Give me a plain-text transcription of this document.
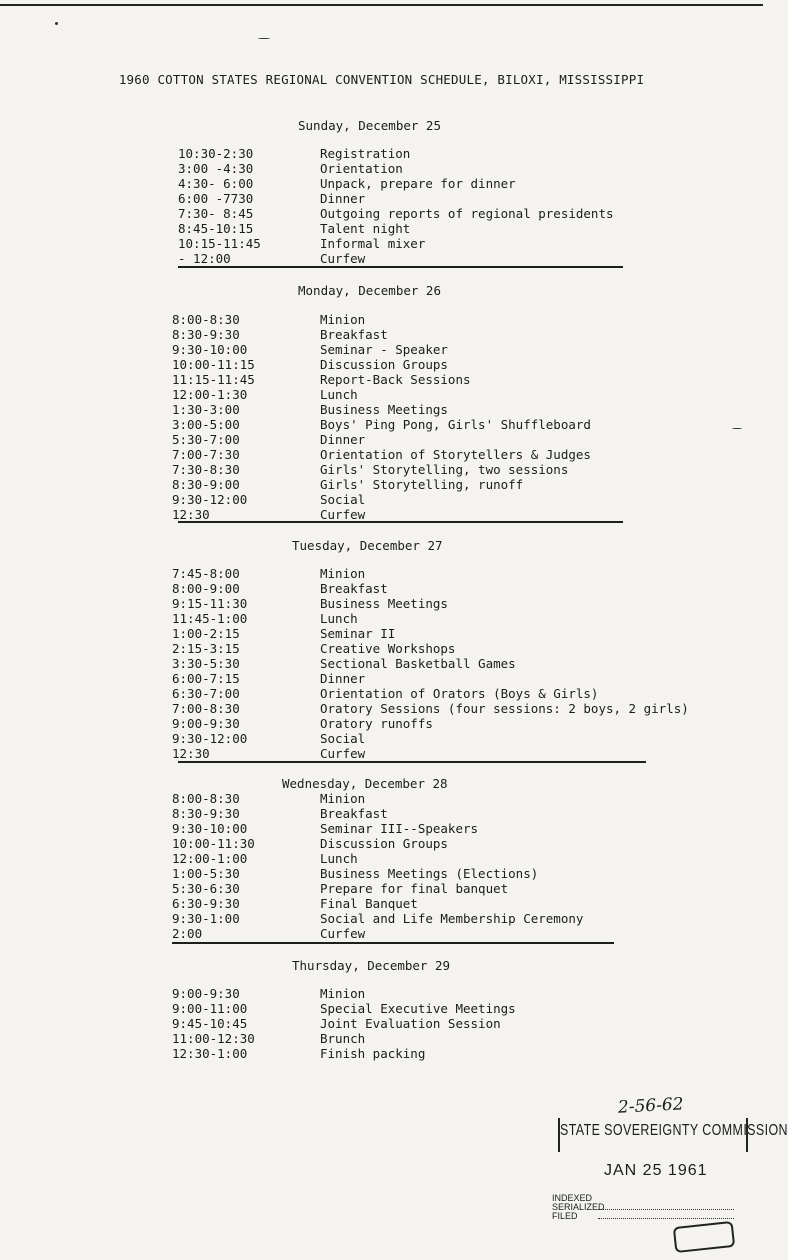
1960 COTTON STATES REGIONAL CONVENTION SCHEDULE, BILOXI, MISSISSIPPI
Sunday, December 25
10:30-2:30	Registration
3:00 -4:30	Orientation
4:30- 6:00	Unpack, prepare for dinner
6:00 -7730	Dinner
7:30- 8:45	Outgoing reports of regional presidents
8:45-10:15	Talent night
10:15-11:45	Informal mixer
- 12:00	Curfew
Monday, December 26
8:00-8:30	Minion
8:30-9:30	Breakfast
9:30-10:00	Seminar - Speaker
10:00-11:15	Discussion Groups
11:15-11:45	Report-Back Sessions
12:00-1:30	Lunch
1:30-3:00	Business Meetings
3:00-5:00	Boys' Ping Pong, Girls' Shuffleboard
5:30-7:00	Dinner
7:00-7:30	Orientation of Storytellers & Judges
7:30-8:30	Girls' Storytelling, two sessions
8:30-9:00	Girls' Storytelling, runoff
9:30-12:00	Social
12:30	Curfew
Tuesday, December 27
7:45-8:00	Minion
8:00-9:00	Breakfast
9:15-11:30	Business Meetings
11:45-1:00	Lunch
1:00-2:15	Seminar II
2:15-3:15	Creative Workshops
3:30-5:30	Sectional Basketball Games
6:00-7:15	Dinner
6:30-7:00	Orientation of Orators (Boys & Girls)
7:00-8:30	Oratory Sessions (four sessions: 2 boys, 2 girls)
9:00-9:30	Oratory runoffs
9:30-12:00	Social
12:30	Curfew
Wednesday, December 28
8:00-8:30	Minion
8:30-9:30	Breakfast
9:30-10:00	Seminar III--Speakers
10:00-11:30	Discussion Groups
12:00-1:00	Lunch
1:00-5:30	Business Meetings (Elections)
5:30-6:30	Prepare for final banquet
6:30-9:30	Final Banquet
9:30-1:00	Social and Life Membership Ceremony
2:00	Curfew
Thursday, December 29
9:00-9:30	Minion
9:00-11:00	Special Executive Meetings
9:45-10:45	Joint Evaluation Session
11:00-12:30	Brunch
12:30-1:00	Finish packing
2-56-62
STATE SOVEREIGNTY COMMISSION
JAN 25 1961
INDEXED
SERIALIZED
FILED
